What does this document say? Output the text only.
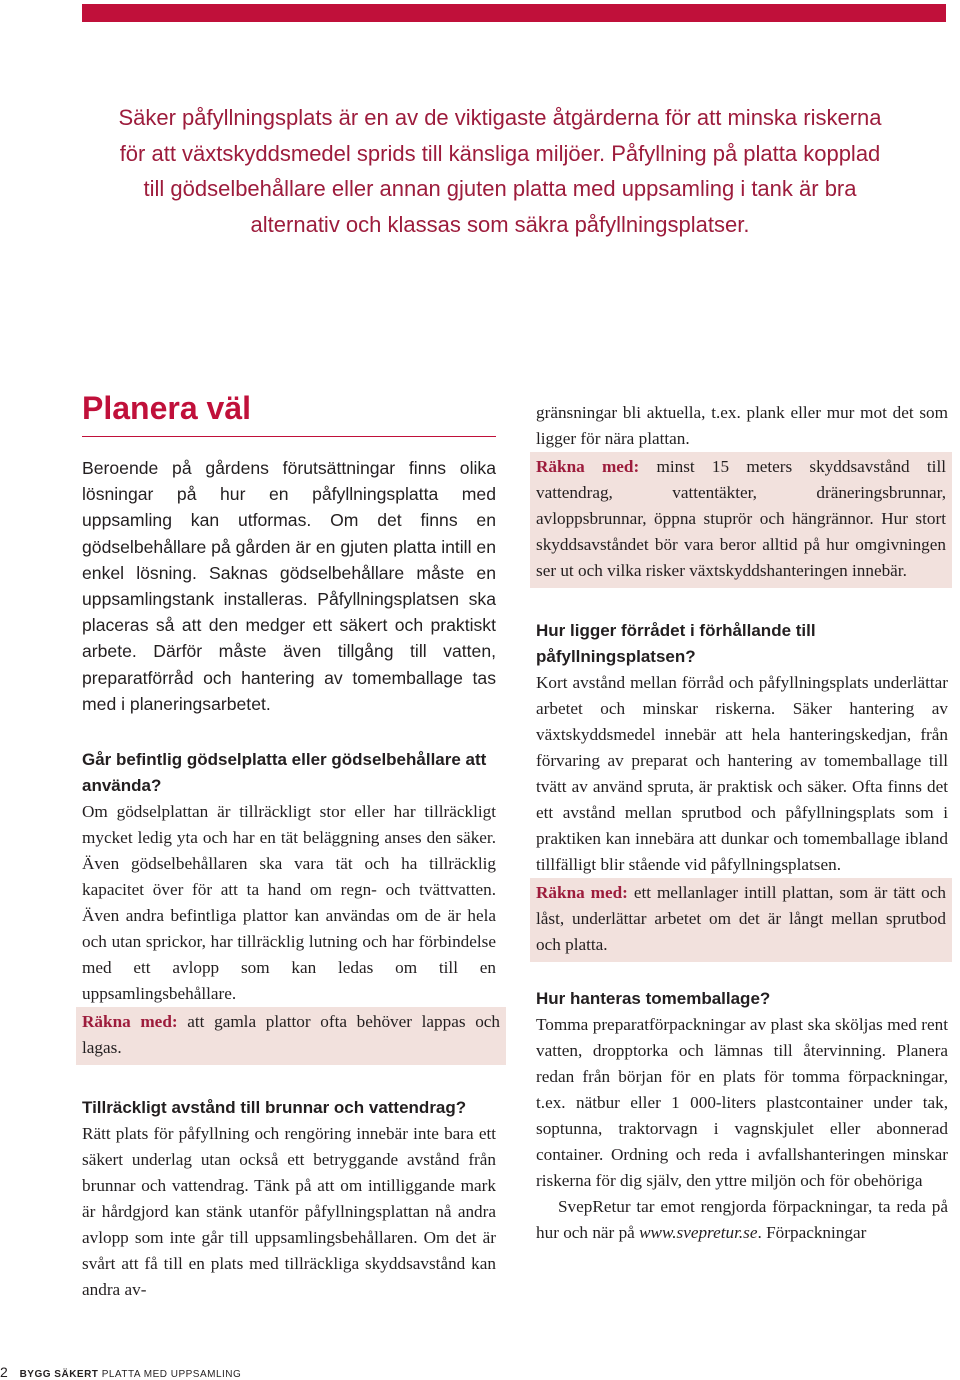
Säker påfyllningsplats är en av de viktigaste åtgärderna för att minska riskerna för att växtskyddsmedel sprids till känsliga miljöer. Påfyllning på platta kopplad till gödselbehållare eller annan gjuten platta med uppsamling i tank är bra alternativ och klassas som säkra påfyllningsplatser.

Planera väl

Beroende på gårdens förutsättningar finns olika lösningar på hur en påfyllningsplatta med uppsamling kan utformas. Om det finns en gödselbehållare på gården är en gjuten platta intill en enkel lösning. Saknas gödselbehållare måste en uppsamlingstank installeras. Påfyllningsplatsen ska placeras så att den medger ett säkert och praktiskt arbete. Därför måste även tillgång till vatten, preparatförråd och hantering av tomemballage tas med i planeringsarbetet.

Går befintlig gödselplatta eller gödselbehållare att använda?

Om gödselplattan är tillräckligt stor eller har tillräckligt mycket ledig yta och har en tät beläggning anses den säker. Även gödselbehållaren ska vara tät och ha tillräcklig kapacitet över för att ta hand om regn- och tvättvatten. Även andra befintliga plattor kan användas om de är hela och utan sprickor, har tillräcklig lutning och har förbindelse med ett avlopp som kan ledas om till en uppsamlingsbehållare.

Räkna med: att gamla plattor ofta behöver lappas och lagas.

Tillräckligt avstånd till brunnar och vattendrag?

Rätt plats för påfyllning och rengöring innebär inte bara ett säkert underlag utan också ett betryggande avstånd från brunnar och vattendrag. Tänk på att om intilliggande mark är hårdgjord kan stänk utanför påfyllningsplattan nå andra avlopp som inte går till uppsamlingsbehållaren. Om det är svårt att få till en plats med tillräckliga skyddsavstånd kan andra av-

gränsningar bli aktuella, t.ex. plank eller mur mot det som ligger för nära plattan.

Räkna med: minst 15 meters skyddsavstånd till vattendrag, vattentäkter, dräneringsbrunnar, avloppsbrunnar, öppna stuprör och hängrännor. Hur stort skyddsavståndet bör vara beror alltid på hur omgivningen ser ut och vilka risker växtskyddshanteringen innebär.

Hur ligger förrådet i förhållande till påfyllningsplatsen?

Kort avstånd mellan förråd och påfyllningsplats underlättar arbetet och minskar riskerna. Säker hantering av växtskyddsmedel innebär att hela hanteringskedjan, från förvaring av preparat och hantering av tomemballage till tvätt av använd spruta, är praktisk och säker. Ofta finns det ett avstånd mellan sprutbod och påfyllningsplats som i praktiken kan innebära att dunkar och tomemballage ibland tillfälligt blir stående vid påfyllningsplatsen.

Räkna med: ett mellanlager intill plattan, som är tätt och låst, underlättar arbetet om det är långt mellan sprutbod och platta.

Hur hanteras tomemballage?

Tomma preparatförpackningar av plast ska sköljas med rent vatten, dropptorka och lämnas till återvinning. Planera redan från början för en plats för tomma förpackningar, t.ex. nätbur eller 1 000-liters plastcontainer under tak, soptunna, traktorvagn i vagnskjulet eller abonnerad container. Ordning och reda i avfallshanteringen minskar riskerna för dig själv, den yttre miljön och för obehöriga

SvepRetur tar emot rengjorda förpackningar, ta reda på hur och när på www.svepretur.se. Förpackningar

2 BYGG SÄKERT PLATTA MED UPPSAMLING
